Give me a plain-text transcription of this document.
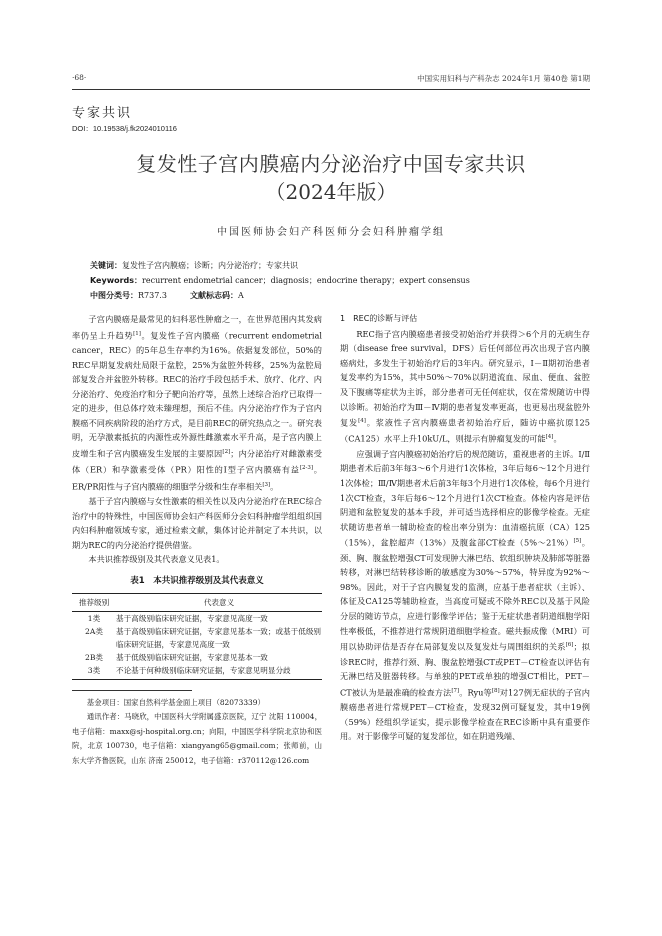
·68·	中国实用妇科与产科杂志 2024年1月 第40卷 第1期
专家共识
DOI：10.19538/j.fk2024010116
复发性子宫内膜癌内分泌治疗中国专家共识
（2024年版）
中国医师协会妇产科医师分会妇科肿瘤学组
关键词：复发性子宫内膜癌；诊断；内分泌治疗；专家共识
Keywords：recurrent endometrial cancer；diagnosis；endocrine therapy；expert consensus
中图分类号：R737.3	文献标志码：A

子宫内膜癌是最常见的妇科恶性肿瘤之一，在世界范围内其发病率仍呈上升趋势[1]。复发性子宫内膜癌（recurrent endometrial cancer，REC）的5年总生存率约为16%。依据复发部位，50%的REC早期复发病灶局限于盆腔，25%为盆腔外转移，25%为盆腔局部复发合并盆腔外转移。REC的治疗手段包括手术、放疗、化疗、内分泌治疗、免疫治疗和分子靶向治疗等，虽然上述综合治疗已取得一定的进步，但总体疗效未臻理想，预后不佳。内分泌治疗作为子宫内膜癌不同疾病阶段的治疗方式，是目前REC的研究热点之一。研究表明，无孕激素抵抗的内源性或外源性雌激素水平升高，是子宫内膜上皮增生和子宫内膜癌发生发展的主要原因[2]；内分泌治疗对雌激素受体（ER）和孕激素受体（PR）阳性的Ⅰ型子宫内膜癌有益[2-3]。ER/PR阳性与子宫内膜癌的细胞学分级和生存率相关[3]。

基于子宫内膜癌与女性激素的相关性以及内分泌治疗在REC综合治疗中的特殊性，中国医师协会妇产科医师分会妇科肿瘤学组组织国内妇科肿瘤领域专家，通过检索文献，集体讨论并制定了本共识，以期为REC的内分泌治疗提供借鉴。

本共识推荐级别及其代表意义见表1。

表1　本共识推荐级别及其代表意义
推荐级别	代表意义
1类	基于高级别临床研究证据，专家意见高度一致
2A类	基于高级别临床研究证据，专家意见基本一致；或基于低级别临床研究证据，专家意见高度一致
2B类	基于低级别临床研究证据，专家意见基本一致
3类	不论基于何种级别临床研究证据，专家意见明显分歧

基金项目：国家自然科学基金面上项目（82073339）

通讯作者：马晓欣，中国医科大学附属盛京医院，辽宁 沈阳 110004，电子信箱：maxx@sj-hospital.org.cn；向阳，中国医学科学院北京协和医院，北京 100730，电子信箱：xiangyang65@gmail.com；张师前，山东大学齐鲁医院，山东 济南 250012，电子信箱：r370112@126.com

1　REC的诊断与评估

REC指子宫内膜癌患者接受初始治疗并获得＞6个月的无病生存期（disease free survival，DFS）后任何部位再次出现子宫内膜癌病灶，多发生于初始治疗后的3年内。研究显示，Ⅰ－Ⅱ期初治患者复发率约为15%，其中50%～70%以阴道流血、尿血、便血、盆腔及下腹痛等症状为主诉，部分患者可无任何症状，仅在常规随访中得以诊断。初始治疗为Ⅲ－Ⅳ期的患者复发率更高，也更易出现盆腔外复发[4]。浆液性子宫内膜癌患者初始治疗后，随访中癌抗原125（CA125）水平上升10kU/L，则提示有肿瘤复发的可能[4]。

应强调子宫内膜癌初始治疗后的规范随访，重视患者的主诉。Ⅰ/Ⅱ期患者术后前3年每3～6个月进行1次体检，3年后每6～12个月进行1次体检；Ⅲ/Ⅳ期患者术后前3年每3个月进行1次体检，每6个月进行1次CT检查，3年后每6～12个月进行1次CT检查。体检内容是评估阴道和盆腔复发的基本手段，并可适当选择相应的影像学检查。无症状随访患者单一辅助检查的检出率分别为：血清癌抗原（CA）125（15%），盆腔超声（13%）及腹盆部CT检查（5%～21%）[5]。颈、胸、腹盆腔增强CT可发现肿大淋巴结、软组织肿块及肺部等脏器转移，对淋巴结转移诊断的敏感度为30%～57%，特异度为92%～98%。因此，对于子宫内膜复发的监测，应基于患者症状（主诉）、体征及CA125等辅助检查，当高度可疑或不除外REC以及基于风险分层的随访节点，应进行影像学评估；鉴于无症状患者阴道细胞学阳性率极低，不推荐进行常规阴道细胞学检查。磁共振成像（MRI）可用以协助评估是否存在局部复发以及复发灶与周围组织的关系[6]；拟诊REC时，推荐行颈、胸、腹盆腔增强CT或PET－CT检查以评估有无淋巴结及脏器转移。与单独的PET或单独的增强CT相比，PET－CT被认为是最准确的检查方法[7]。Ryu等[8]对127例无症状的子宫内膜癌患者进行常规PET－CT检查，发现32例可疑复发，其中19例（59%）经组织学证实，提示影像学检查在REC诊断中具有重要作用。对于影像学可疑的复发部位，如在阴道残端、
